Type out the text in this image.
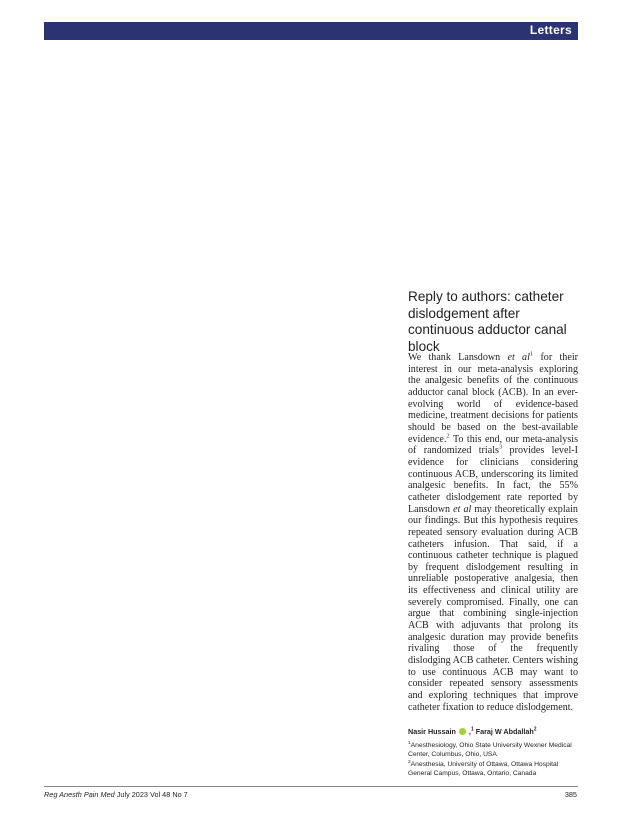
Letters
Reply to authors: catheter dislodgement after continuous adductor canal block

We thank Lansdown et $al^1$ for their interest in our meta-analysis exploring the analgesic benefits of the continuous adductor canal block (ACB). In an ever-evolving world of evidence-based medicine, treatment decisions for patients should be based on the best-available evidence.$^2$ To this end, our meta-analysis of randomized trials$^3$ provides level-I evidence for clinicians considering continuous ACB, underscoring its limited analgesic benefits. In fact, the 55% catheter dislodgement rate reported by Lansdown et al may theoretically explain our findings. But this hypothesis requires repeated sensory evaluation during ACB catheters infusion. That said, if a continuous catheter technique is plagued by frequent dislodgement resulting in unreliable postoperative analgesia, then its effectiveness and clinical utility are severely compromised. Finally, one can argue that combining single-injection ACB with adjuvants that prolong its analgesic duration may provide benefits rivaling those of the frequently dislodging ACB catheter. Centers wishing to use continuous ACB may want to consider repeated sensory assessments and exploring techniques that improve catheter fixation to reduce dislodgement.

Nasir Hussain  ,$^1$ Faraj W Abdallah$^2$
$^1$Anesthesiology, Ohio State University Wexner Medical Center, Columbus, Ohio, USA
$^2$Anesthesia, University of Ottawa, Ottawa Hospital General Campus, Ottawa, Ontario, Canada
Reg Anesth Pain Med July 2023 Vol 48 No 7	385
